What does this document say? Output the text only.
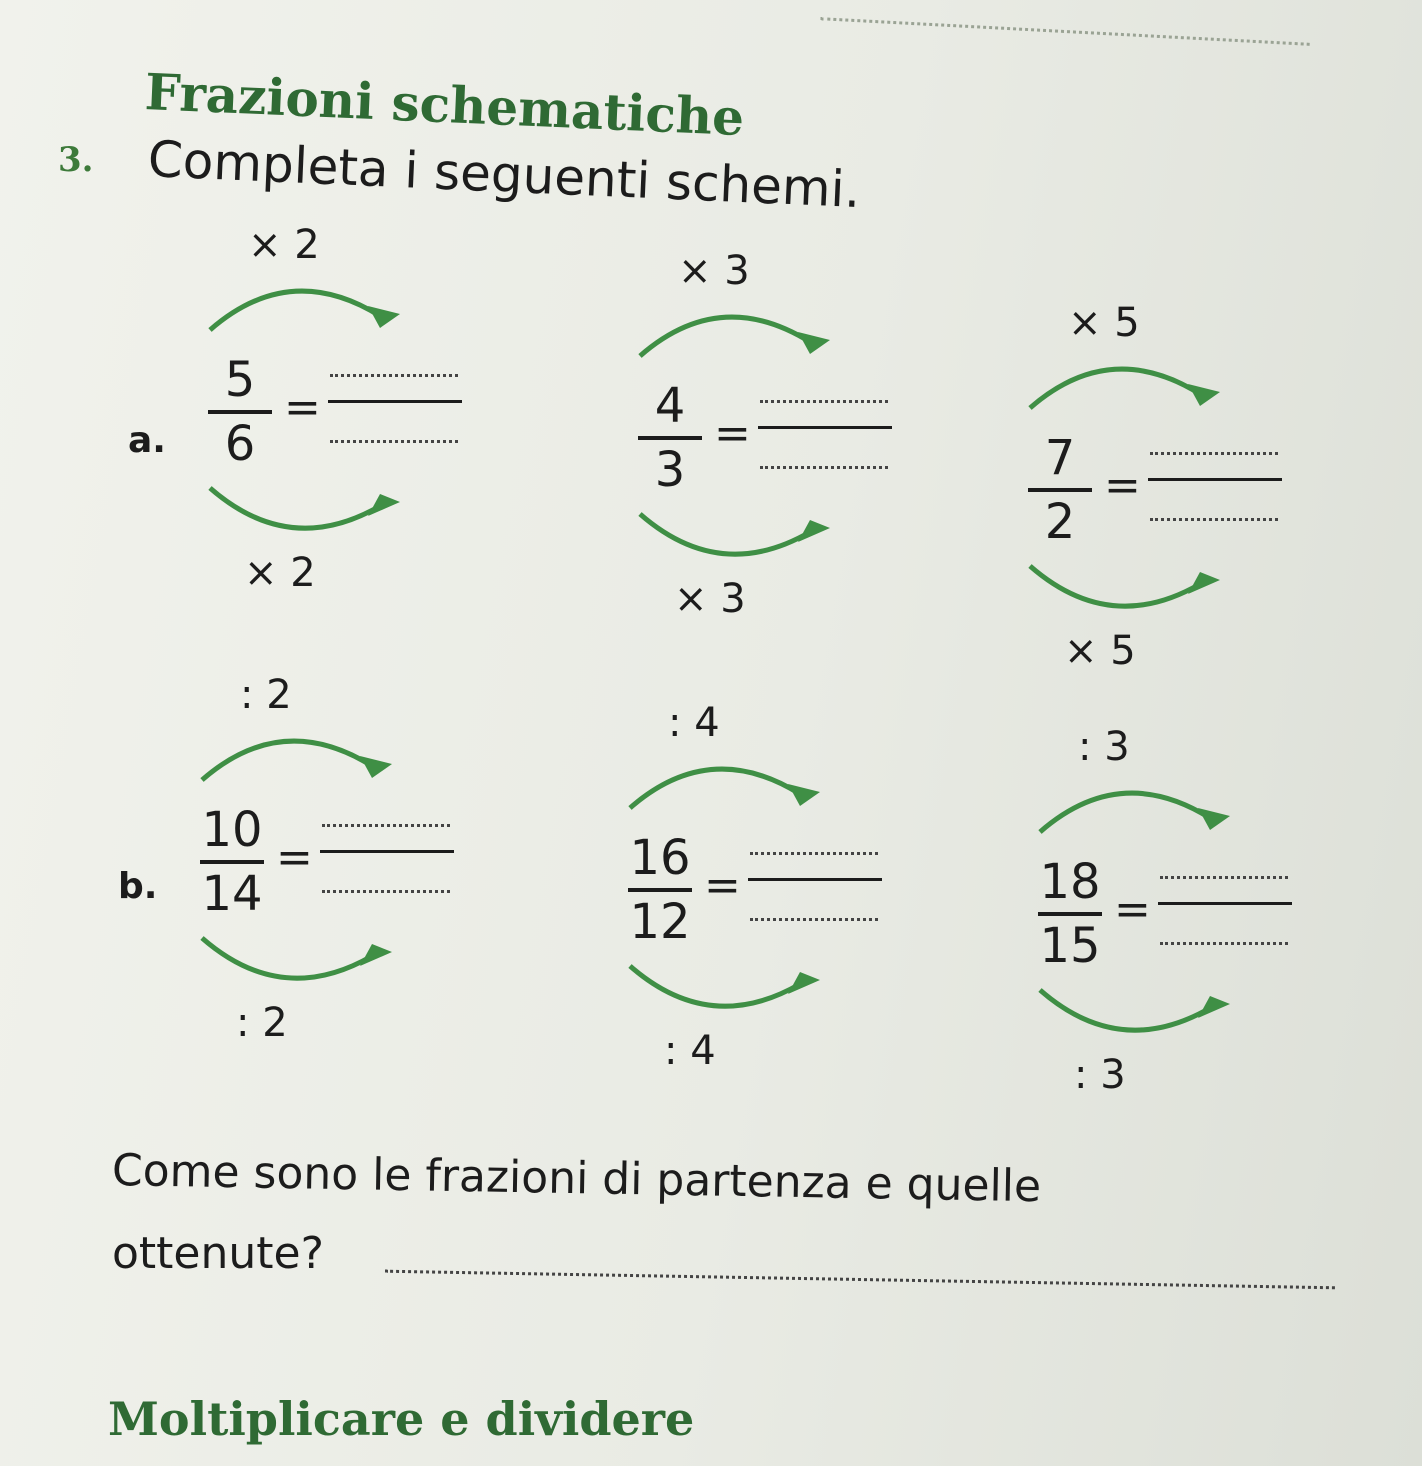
Frazioni schematiche
3. Completa i seguenti schemi.
a.
× 2
5
6
=
× 2
× 3
4
3
=
× 3
× 5
7
2
=
× 5
b.
: 2
10
14
=
: 2
: 4
16
12
=
: 4
: 3
18
15
=
: 3
Come sono le frazioni di partenza e quelle
ottenute?
Moltiplicare e dividere
